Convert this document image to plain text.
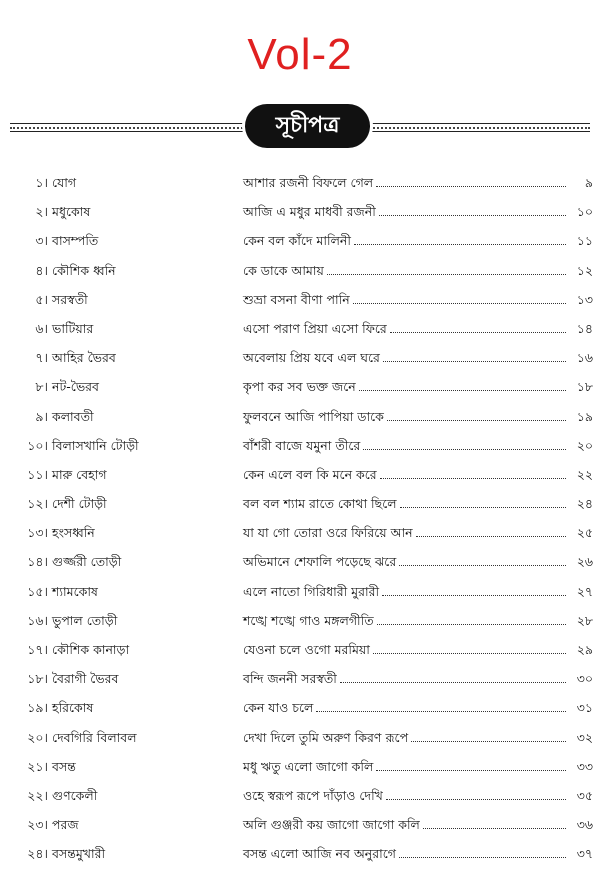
Vol-2
সূচীপত্র
১। যোগ	আশার রজনী বিফলে গেল	৯
২। মধুকোষ	আজি এ মধুর মাধবী রজনী	১০
৩। বাসম্পতি	কেন বল কাঁদে মালিনী	১১
৪। কৌশিক ধ্বনি	কে ডাকে আমায়	১২
৫। সরস্বতী	শুভ্রা বসনা বীণা পানি	১৩
৬। ভাটিয়ার	এসো পরাণ প্রিয়া এসো ফিরে	১৪
৭। আহির ভৈরব	অবেলায় প্রিয় যবে এল ঘরে	১৬
৮। নট-ভৈরব	কৃপা কর সব ভক্ত জনে	১৮
৯। কলাবতী	ফুলবনে আজি পাপিয়া ডাকে	১৯
১০। বিলাসখানি টোড়ী	বাঁশরী বাজে যমুনা তীরে	২০
১১। মারু বেহাগ	কেন এলে বল কি মনে করে	২২
১২। দেশী টোড়ী	বল বল শ্যাম রাতে কোথা ছিলে	২৪
১৩। হংসধ্বনি	যা যা গো তোরা ওরে ফিরিয়ে আন	২৫
১৪। গুর্জ্জরী তোড়ী	অভিমানে শেফালি পড়েছে ঝরে	২৬
১৫। শ্যামকোষ	এলে নাতো গিরিধারী মুরারী	২৭
১৬। ভুপাল তোড়ী	শঙ্খে শঙ্খে গাও মঙ্গলগীতি	২৮
১৭। কৌশিক কানাড়া	যেওনা চলে ওগো মরমিয়া	২৯
১৮। বৈরাগী ভৈরব	বন্দি জননী সরস্বতী	৩০
১৯। হরিকোষ	কেন যাও চলে	৩১
২০। দেবগিরি বিলাবল	দেখা দিলে তুমি অরুণ কিরণ রূপে	৩২
২১। বসন্ত	মধু ঋতু এলো জাগো কলি	৩৩
২২। গুণকেলী	ওহে স্বরূপ রূপে দাঁড়াও দেখি	৩৫
২৩। পরজ	অলি গুঞ্জরী কয় জাগো জাগো কলি	৩৬
২৪। বসন্তমুখারী	বসন্ত এলো আজি নব অনুরাগে	৩৭
